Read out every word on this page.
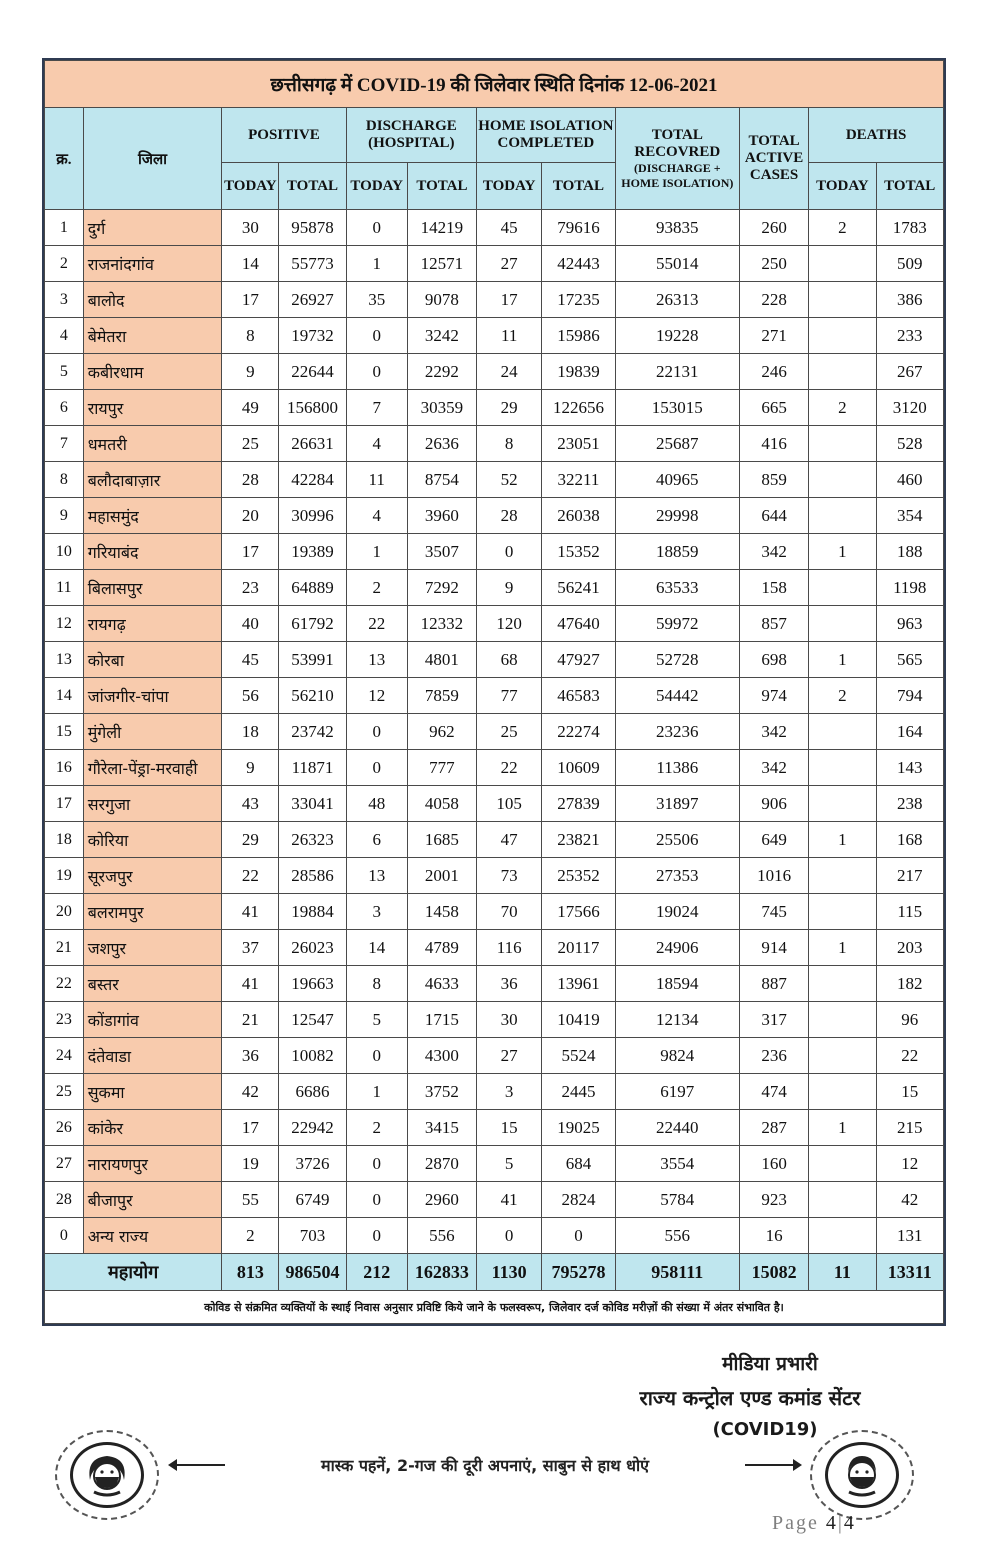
छत्तीसगढ़ में COVID-19 की जिलेवार स्थिति दिनांक 12-06-2021											
क्र.	जिला	POSITIVE		DISCHARGE (HOSPITAL)		HOME ISOLATION COMPLETED		TOTAL RECOVRED
(DISCHARGE + HOME ISOLATION)	TOTAL ACTIVE CASES	DEATHS	
		TODAY	TOTAL	TODAY	TOTAL	TODAY	TOTAL			TODAY	TOTAL
1	दुर्ग	30	95878	0	14219	45	79616	93835	260	2	1783
2	राजनांदगांव	14	55773	1	12571	27	42443	55014	250		509
3	बालोद	17	26927	35	9078	17	17235	26313	228		386
4	बेमेतरा	8	19732	0	3242	11	15986	19228	271		233
5	कबीरधाम	9	22644	0	2292	24	19839	22131	246		267
6	रायपुर	49	156800	7	30359	29	122656	153015	665	2	3120
7	धमतरी	25	26631	4	2636	8	23051	25687	416		528
8	बलौदाबाज़ार	28	42284	11	8754	52	32211	40965	859		460
9	महासमुंद	20	30996	4	3960	28	26038	29998	644		354
10	गरियाबंद	17	19389	1	3507	0	15352	18859	342	1	188
11	बिलासपुर	23	64889	2	7292	9	56241	63533	158		1198
12	रायगढ़	40	61792	22	12332	120	47640	59972	857		963
13	कोरबा	45	53991	13	4801	68	47927	52728	698	1	565
14	जांजगीर-चांपा	56	56210	12	7859	77	46583	54442	974	2	794
15	मुंगेली	18	23742	0	962	25	22274	23236	342		164
16	गौरेला-पेंड्रा-मरवाही	9	11871	0	777	22	10609	11386	342		143
17	सरगुजा	43	33041	48	4058	105	27839	31897	906		238
18	कोरिया	29	26323	6	1685	47	23821	25506	649	1	168
19	सूरजपुर	22	28586	13	2001	73	25352	27353	1016		217
20	बलरामपुर	41	19884	3	1458	70	17566	19024	745		115
21	जशपुर	37	26023	14	4789	116	20117	24906	914	1	203
22	बस्तर	41	19663	8	4633	36	13961	18594	887		182
23	कोंडागांव	21	12547	5	1715	30	10419	12134	317		96
24	दंतेवाडा	36	10082	0	4300	27	5524	9824	236		22
25	सुकमा	42	6686	1	3752	3	2445	6197	474		15
26	कांकेर	17	22942	2	3415	15	19025	22440	287	1	215
27	नारायणपुर	19	3726	0	2870	5	684	3554	160		12
28	बीजापुर	55	6749	0	2960	41	2824	5784	923		42
0	अन्य राज्य	2	703	0	556	0	0	556	16		131
महायोग		813	986504	212	162833	1130	795278	958111	15082	11	13311
कोविड से संक्रमित व्यक्तियों के स्थाई निवास अनुसार प्रविष्टि किये जाने के फलस्वरूप, जिलेवार दर्ज कोविड मरीज़ों की संख्या में अंतर संभावित है।											
मीडिया प्रभारी
राज्य कन्ट्रोल एण्ड कमांड सेंटर
(COVID19)
मास्क पहनें, 2-गज की दूरी अपनाएं, साबुन से हाथ धोएं
Page 4|4
